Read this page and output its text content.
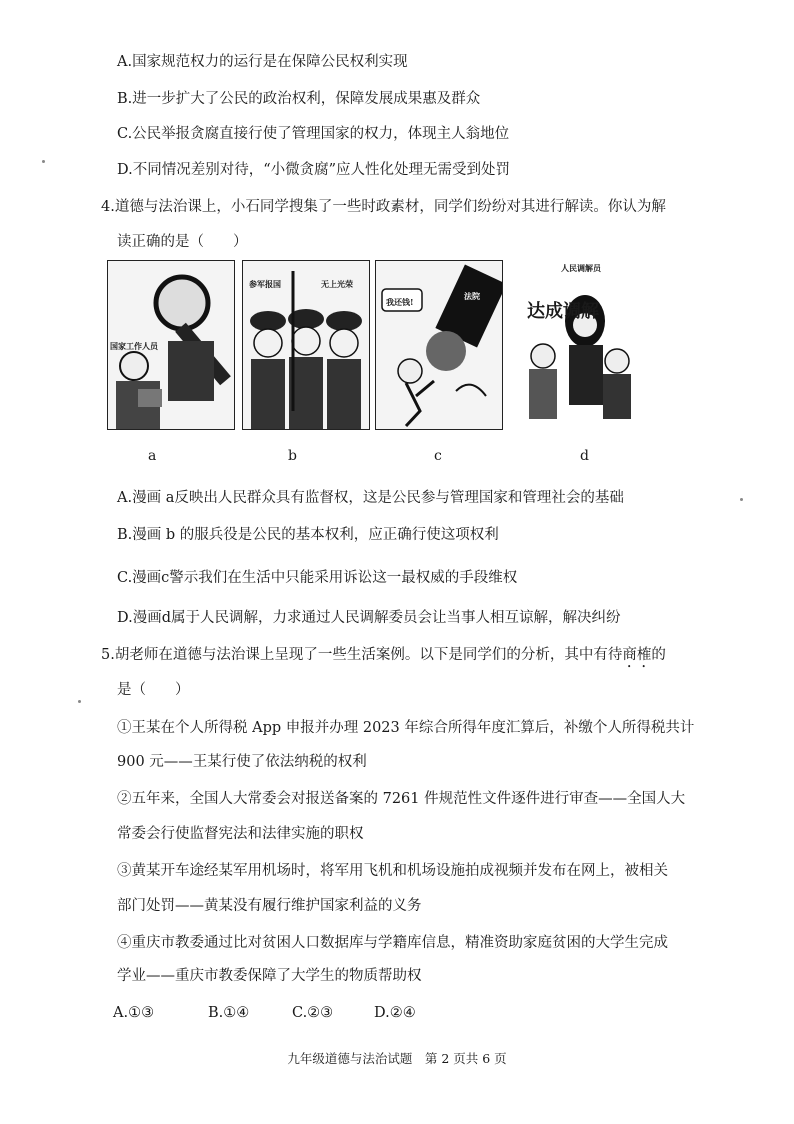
A.国家规范权力的运行是在保障公民权利实现
B.进一步扩大了公民的政治权利，保障发展成果惠及群众
C.公民举报贪腐直接行使了管理国家的权力，体现主人翁地位
D.不同情况差别对待，“小微贪腐”应人性化处理无需受到处罚
4.道德与法治课上，小石同学搜集了一些时政素材，同学们纷纷对其进行解读。你认为解
读正确的是（　　）
国家工作人员
参军报国	无上光荣
我还钱!
法院
人民调解员
达成调解
a	b	c	d
A.漫画 a反映出人民群众具有监督权，这是公民参与管理国家和管理社会的基础
B.漫画 b 的服兵役是公民的基本权利，应正确行使这项权利
C.漫画c警示我们在生活中只能采用诉讼这一最权威的手段维权
D.漫画d属于人民调解，力求通过人民调解委员会让当事人相互谅解，解决纠纷
5.胡老师在道德与法治课上呈现了一些生活案例。以下是同学们的分析，其中有待商榷的
是（　　）
①王某在个人所得税 App 申报并办理 2023 年综合所得年度汇算后，补缴个人所得税共计
900 元——王某行使了依法纳税的权利
②五年来，全国人大常委会对报送备案的 7261 件规范性文件逐件进行审查——全国人大
常委会行使监督宪法和法律实施的职权
③黄某开车途经某军用机场时，将军用飞机和机场设施拍成视频并发布在网上，被相关
部门处罚——黄某没有履行维护国家利益的义务
④重庆市教委通过比对贫困人口数据库与学籍库信息，精准资助家庭贫困的大学生完成
学业——重庆市教委保障了大学生的物质帮助权
A.①③	B.①④	C.②③	D.②④
九年级道德与法治试题　第 2 页共 6 页
